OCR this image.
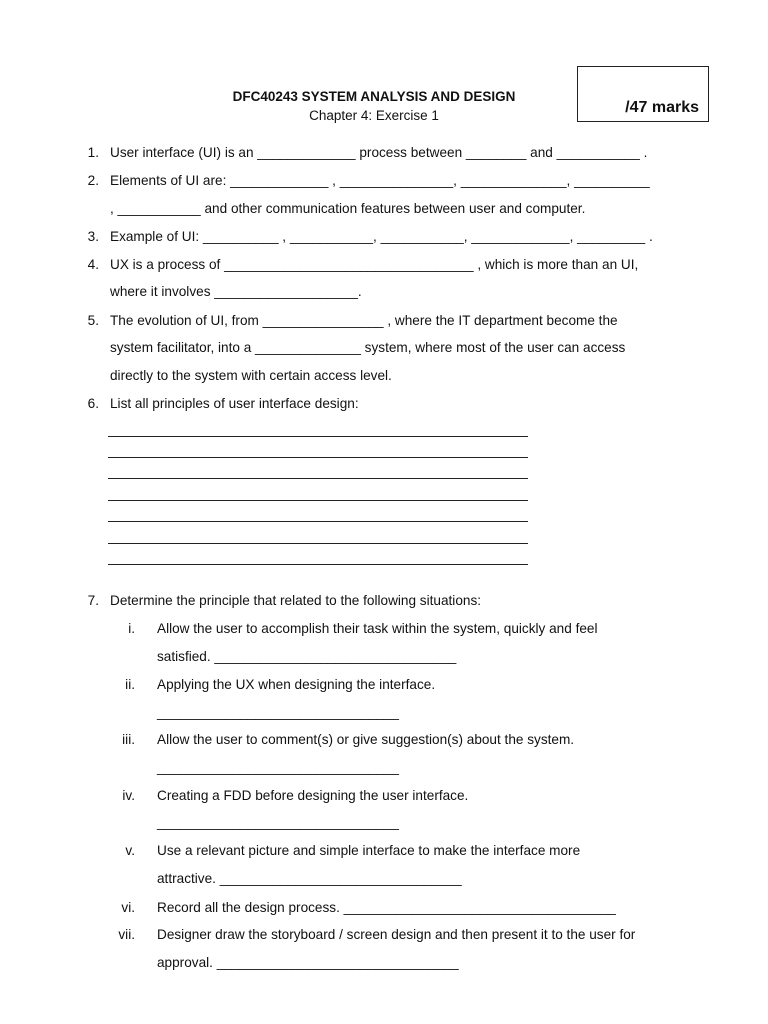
/47 marks
DFC40243 SYSTEM ANALYSIS AND DESIGN
Chapter 4: Exercise 1
1. User interface (UI) is an _____________ process between ________ and ___________ .
2. Elements of UI are: _____________ , _______________, ______________, __________
, ___________ and other communication features between user and computer.
3. Example of UI: __________ , ___________, ___________, _____________, _________ .
4. UX is a process of _________________________________ , which is more than an UI,
where it involves ___________________.
5. The evolution of UI, from ________________ , where the IT department become the
system facilitator, into a ______________ system, where most of the user can access
directly to the system with certain access level.
6. List all principles of user interface design:
7. Determine the principle that related to the following situations:
i. Allow the user to accomplish their task within the system, quickly and feel
satisfied. ________________________________
ii. Applying the UX when designing the interface.
________________________________
iii. Allow the user to comment(s) or give suggestion(s) about the system.
________________________________
iv. Creating a FDD before designing the user interface.
________________________________
v. Use a relevant picture and simple interface to make the interface more
attractive. ________________________________
vi. Record all the design process. ____________________________________
vii. Designer draw the storyboard / screen design and then present it to the user for
approval. ________________________________
